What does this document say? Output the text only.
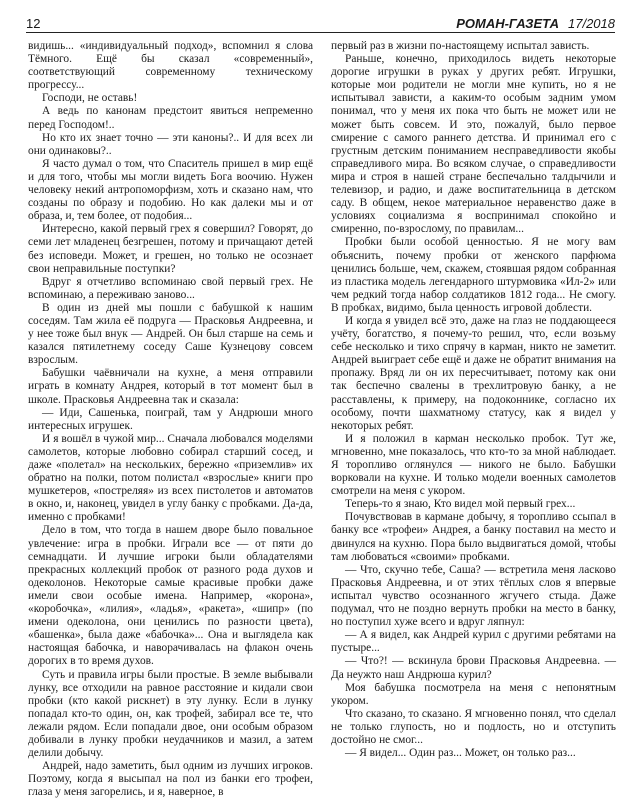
12	РОМАН-ГАЗЕТА 17/2018

видишь... «индивидуальный подход», вспомнил я слова Тёмного. Ещё бы сказал «современный», соответствующий современному техническому прогрессу...

Господи, не оставь!

А ведь по канонам предстоит явиться непременно перед Господом!..

Но кто их знает точно — эти каноны?.. И для всех ли они одинаковы?..

Я часто думал о том, что Спаситель пришел в мир ещё и для того, чтобы мы могли видеть Бога воочию. Нужен человеку некий антропоморфизм, хоть и сказано нам, что созданы по образу и подобию. Но как далеки мы и от образа, и, тем более, от подобия...

Интересно, какой первый грех я совершил? Говорят, до семи лет младенец безгрешен, потому и причащают детей без исповеди. Может, и грешен, но только не осознает свои неправильные поступки?

Вдруг я отчетливо вспоминаю свой первый грех. Не вспоминаю, а переживаю заново...

В один из дней мы пошли с бабушкой к нашим соседям. Там жила её подруга — Прасковья Андреевна, и у нее тоже был внук — Андрей. Он был старше на семь и казался пятилетнему соседу Саше Кузнецову совсем взрослым.

Бабушки чаёвничали на кухне, а меня отправили играть в комнату Андрея, который в тот момент был в школе. Прасковья Андреевна так и сказала:

— Иди, Сашенька, поиграй, там у Андрюши много интересных игрушек.

И я вошёл в чужой мир... Сначала любовался моделями самолетов, которые любовно собирал старший сосед, и даже «полетал» на нескольких, бережно «приземлив» их обратно на полки, потом полистал «взрослые» книги про мушкетеров, «постреляя» из всех пистолетов и автоматов в окно, и, наконец, увидел в углу банку с пробками. Да-да, именно с пробками!

Дело в том, что тогда в нашем дворе было повальное увлечение: игра в пробки. Играли все — от пяти до семнадцати. И лучшие игроки были обладателями прекрасных коллекций пробок от разного рода духов и одеколонов. Некоторые самые красивые пробки даже имели свои особые имена. Например, «корона», «коробочка», «лилия», «ладья», «ракета», «шипр» (по имени одеколона, они ценились по разности цвета), «башенка», была даже «бабочка»... Она и выглядела как настоящая бабочка, и наворачивалась на флакон очень дорогих в то время духов.

Суть и правила игры были простые. В земле выбывали лунку, все отходили на равное расстояние и кидали свои пробки (кто какой рискнет) в эту лунку. Если в лунку попадал кто-то один, он, как трофей, забирал все те, что лежали рядом. Если попадали двое, они особым образом добивали в лунку пробки неудачников и мазил, а затем делили добычу.

Андрей, надо заметить, был одним из лучших игроков. Поэтому, когда я высыпал на пол из банки его трофеи, глаза у меня загорелись, и я, наверное, в

первый раз в жизни по-настоящему испытал зависть.

Раньше, конечно, приходилось видеть некоторые дорогие игрушки в руках у других ребят. Игрушки, которые мои родители не могли мне купить, но я не испытывал зависти, а каким-то особым задним умом понимал, что у меня их пока что быть не может или не может быть совсем. И это, пожалуй, было первое смирение с самого раннего детства. И принимал его с грустным детским пониманием несправедливости якобы справедливого мира. Во всяком случае, о справедливости мира и строя в нашей стране беспечально талдычили и телевизор, и радио, и даже воспитательница в детском саду. В общем, некое материальное неравенство даже в условиях социализма я воспринимал спокойно и смиренно, по-взрослому, по правилам...

Пробки были особой ценностью. Я не могу вам объяснить, почему пробки от женского парфюма ценились больше, чем, скажем, стоявшая рядом собранная из пластика модель легендарного штурмовика «Ил-2» или чем редкий тогда набор солдатиков 1812 года... Не смогу. В пробках, видимо, была ценность игровой доблести.

И когда я увидел всё это, даже на глаз не поддающееся учёту, богатство, я почему-то решил, что, если возьму себе несколько и тихо спрячу в карман, никто не заметит. Андрей выиграет себе ещё и даже не обратит внимания на пропажу. Вряд ли он их пересчитывает, потому как они так беспечно свалены в трехлитровую банку, а не расставлены, к примеру, на подоконнике, согласно их особому, почти шахматному статусу, как я видел у некоторых ребят.

И я положил в карман несколько пробок. Тут же, мгновенно, мне показалось, что кто-то за мной наблюдает. Я торопливо оглянулся — никого не было. Бабушки ворковали на кухне. И только модели военных самолетов смотрели на меня с укором.

Теперь-то я знаю, Кто видел мой первый грех...

Почувствовав в кармане добычу, я торопливо ссыпал в банку все «трофеи» Андрея, а банку поставил на место и двинулся на кухню. Пора было выдвигаться домой, чтобы там любоваться «своими» пробками.

— Что, скучно тебе, Саша? — встретила меня ласково Прасковья Андреевна, и от этих тёплых слов я впервые испытал чувство осознанного жгучего стыда. Даже подумал, что не поздно вернуть пробки на место в банку, но поступил хуже всего и вдруг ляпнул:

— А я видел, как Андрей курил с другими ребятами на пустыре...

— Что?! — вскинула брови Прасковья Андреевна. — Да неужто наш Андрюша курил?

Моя бабушка посмотрела на меня с непонятным укором.

Что сказано, то сказано. Я мгновенно понял, что сделал не только глупость, но и подлость, но и отступить достойно не смог...

— Я видел... Один раз... Может, он только раз...
